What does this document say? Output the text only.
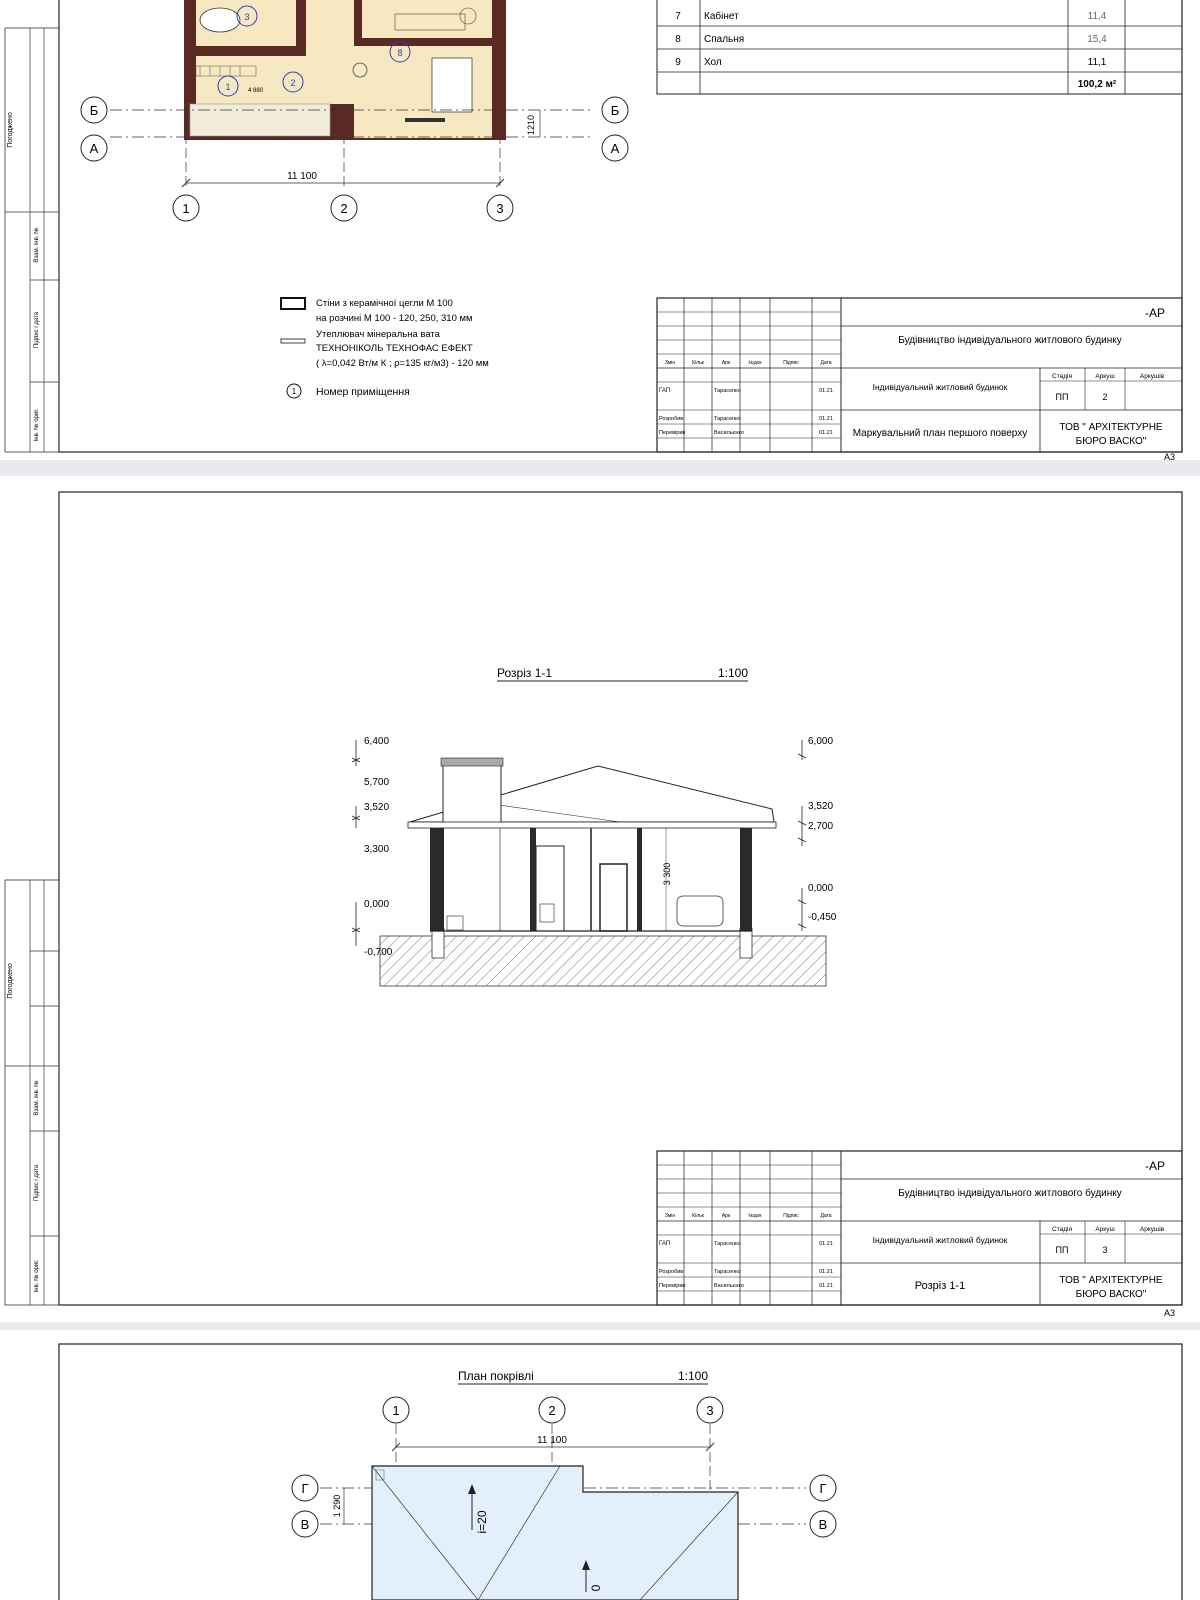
Погоджено
Інв. № ориг.
Підпис і дата
Взам. інв. №
3
1	2
8
4 880
11 100
1210
Б
А
Б
А
1	2	3
Стіни з керамічної цегли М 100
на розчині М 100 - 120, 250, 310 мм
Утеплювач мінеральна вата
ТЕХНОНІКОЛЬ ТЕХНОФАС ЕФЕКТ
( λ=0,042 Вт/м К ; ρ=135 кг/м3) - 120 мм
1 Номер приміщення
7 Кабінет	11,4
8 Спальня	15,4
9 Хол	11,1
100,2 м²
Змін	Кільк	Арк	№док	Підпис	Дата
ГАП	Тарасенко	01.21
Розробив	Тарасенко	01.21
Перевірив	Васильєнко	01.21
-АР
Будівництво індивідуального житлового будинку
Індивідуальний житловий будинок
Стадія	Аркуш	Аркушів
ПП	2
Маркувальний план першого поверху
ТОВ " АРХІТЕКТУРНЕ
БЮРО ВАСКО"
А3
Погоджено
Інв. № ориг.
Підпис і дата
Взам. інв. №
Розріз 1-1	1:100
3 300
6,400
5,700
3,520
3,300
0,000
-0,700
6,000
3,520
2,700
0,000
-0,450
Змін	Кільк	Арк	№док	Підпис	Дата
ГАП	Тарасенко	01.21
Розробив	Тарасенко	01.21
Перевірив	Васильєнко	01.21
-АР
Будівництво індивідуального житлового будинку
Індивідуальний житловий будинок
Стадія	Аркуш	Аркушів
ПП	3
Розріз 1-1	ТОВ " АРХІТЕКТУРНЕ
БЮРО ВАСКО"
А3
План покрівлі	1:100
i=20
0
11 100
1 290
1	2	3
Г
В
Г
В
